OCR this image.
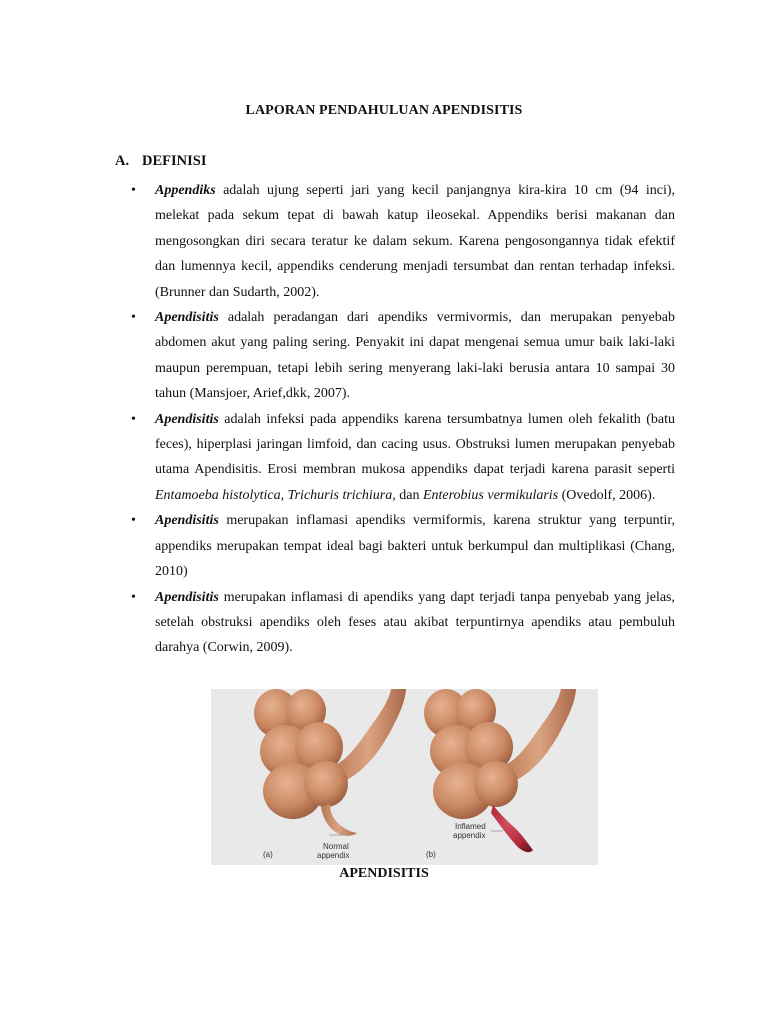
LAPORAN PENDAHULUAN APENDISITIS
A. DEFINISI
• Appendiks adalah ujung seperti jari yang kecil panjangnya kira-kira 10 cm (94 inci), melekat pada sekum tepat di bawah katup ileosekal. Appendiks berisi makanan dan mengosongkan diri secara teratur ke dalam sekum. Karena pengosongannya tidak efektif dan lumennya kecil, appendiks cenderung menjadi tersumbat dan rentan terhadap infeksi. (Brunner dan Sudarth, 2002).
• Apendisitis adalah peradangan dari apendiks vermivormis, dan merupakan penyebab abdomen akut yang paling sering. Penyakit ini dapat mengenai semua umur baik laki-laki maupun perempuan, tetapi lebih sering menyerang laki-laki berusia antara 10 sampai 30 tahun (Mansjoer, Arief,dkk, 2007).
• Apendisitis adalah infeksi pada appendiks karena tersumbatnya lumen oleh fekalith (batu feces), hiperplasi jaringan limfoid, dan cacing usus. Obstruksi lumen merupakan penyebab utama Apendisitis. Erosi membran mukosa appendiks dapat terjadi karena parasit seperti Entamoeba histolytica, Trichuris trichiura, dan Enterobius vermikularis (Ovedolf, 2006).
• Apendisitis merupakan inflamasi apendiks vermiformis, karena struktur yang terpuntir, appendiks merupakan tempat ideal bagi bakteri untuk berkumpul dan multiplikasi (Chang, 2010)
• Apendisitis merupakan inflamasi di apendiks yang dapt terjadi tanpa penyebab yang jelas, setelah obstruksi apendiks oleh feses atau akibat terpuntirnya apendiks atau pembuluh darahya (Corwin, 2009).
(a)
Normal
appendix	(b)
Inflamed
appendix
APENDISITIS
